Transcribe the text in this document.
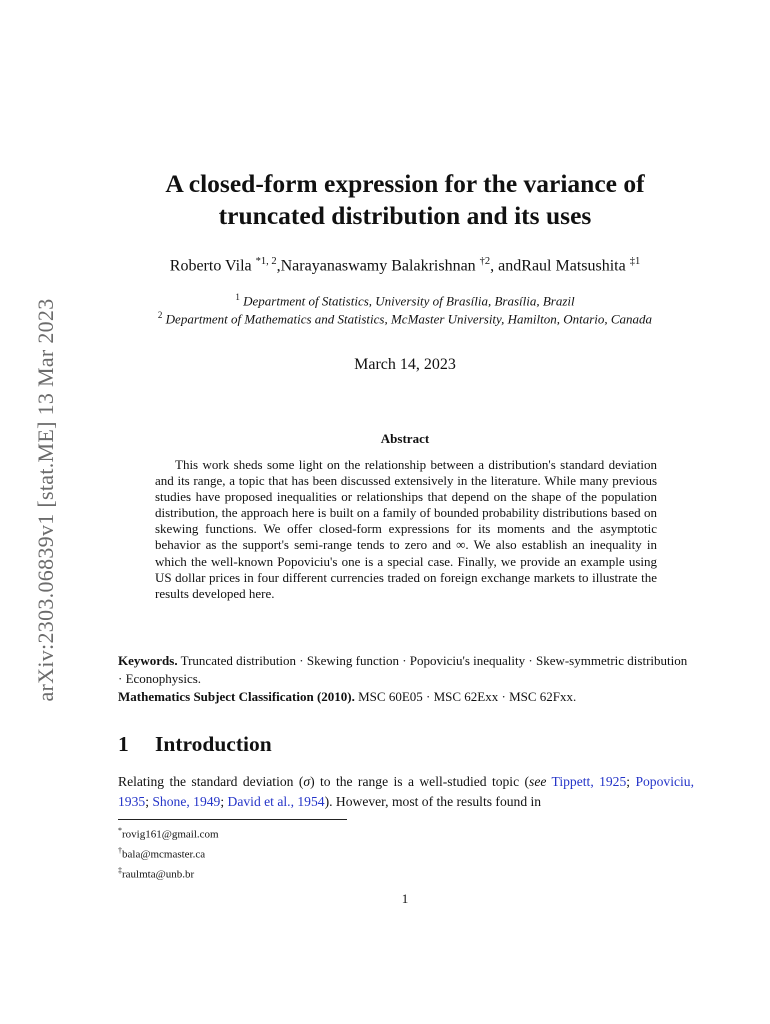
arXiv:2303.06839v1 [stat.ME] 13 Mar 2023
A closed-form expression for the variance of
truncated distribution and its uses
Roberto Vila $^{*1, 2}$,Narayanaswamy Balakrishnan $^{\dagger 2}$, andRaul Matsushita $^{\ddagger 1}$
$^1$ Department of Statistics, University of Brasília, Brasília, Brazil
$^2$ Department of Mathematics and Statistics, McMaster University, Hamilton, Ontario, Canada
March 14, 2023
Abstract

This work sheds some light on the relationship between a distribution's standard deviation and its range, a topic that has been discussed extensively in the literature. While many previous studies have proposed inequalities or relationships that depend on the shape of the population distribution, the approach here is built on a family of bounded probability distributions based on skewing functions. We offer closed-form expressions for its moments and the asymptotic behavior as the support's semi-range tends to zero and ∞. We also establish an inequality in which the well-known Popoviciu's one is a special case. Finally, we provide an example using US dollar prices in four different currencies traded on foreign exchange markets to illustrate the results developed here.

Keywords. Truncated distribution · Skewing function · Popoviciu's inequality · Skew-symmetric distribution · Econophysics.

Mathematics Subject Classification (2010). MSC 60E05 · MSC 62Exx · MSC 62Fxx.
1 Introduction

Relating the standard deviation (σ) to the range is a well-studied topic (see Tippett, 1925; Popoviciu, 1935; Shone, 1949; David et al., 1954). However, most of the results found in

*rovig161@gmail.com
†bala@mcmaster.ca
‡raulmta@unb.br
1
